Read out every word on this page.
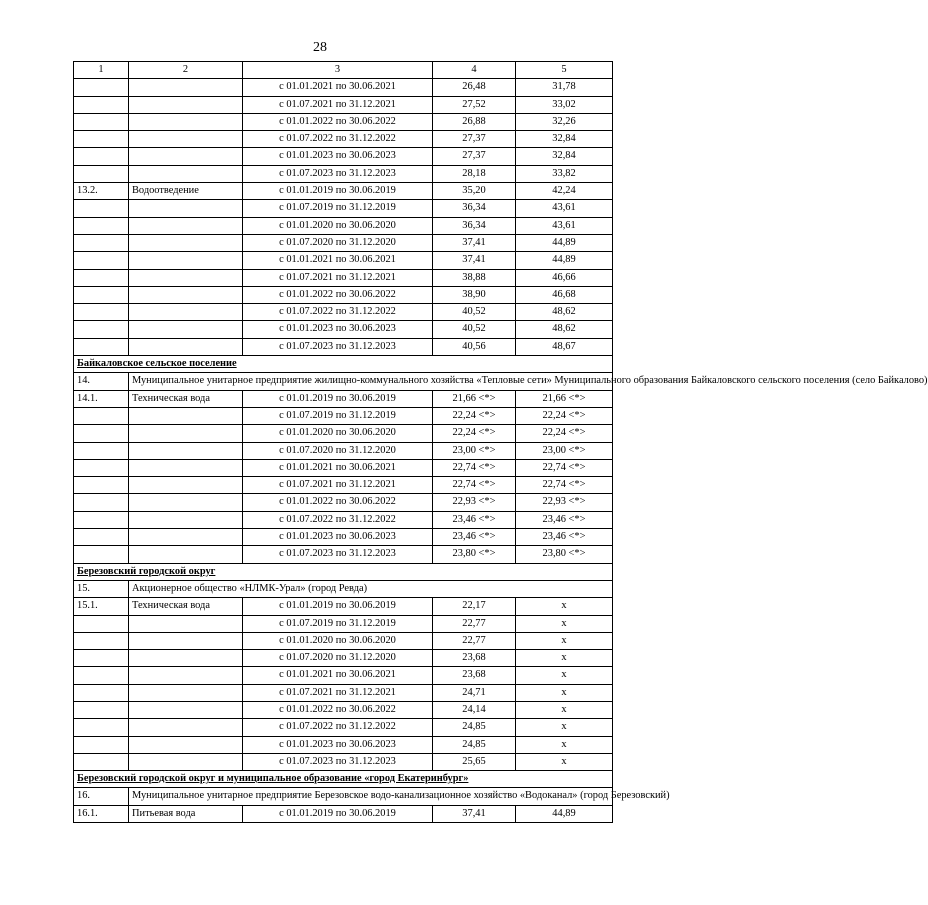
28
1	2	3	4	5
		с 01.01.2021 по 30.06.2021	26,48	31,78
		с 01.07.2021 по 31.12.2021	27,52	33,02
		с 01.01.2022 по 30.06.2022	26,88	32,26
		с 01.07.2022 по 31.12.2022	27,37	32,84
		с 01.01.2023 по 30.06.2023	27,37	32,84
		с 01.07.2023 по 31.12.2023	28,18	33,82
13.2.	Водоотведение	с 01.01.2019 по 30.06.2019	35,20	42,24
		с 01.07.2019 по 31.12.2019	36,34	43,61
		с 01.01.2020 по 30.06.2020	36,34	43,61
		с 01.07.2020 по 31.12.2020	37,41	44,89
		с 01.01.2021 по 30.06.2021	37,41	44,89
		с 01.07.2021 по 31.12.2021	38,88	46,66
		с 01.01.2022 по 30.06.2022	38,90	46,68
		с 01.07.2022 по 31.12.2022	40,52	48,62
		с 01.01.2023 по 30.06.2023	40,52	48,62
		с 01.07.2023 по 31.12.2023	40,56	48,67
Байкаловское сельское поселение				
14.	Муниципальное унитарное предприятие жилищно-коммунального хозяйства «Тепловые сети» Муниципального образования Байкаловского сельского поселения (село Байкалово)			
14.1.	Техническая вода	с 01.01.2019 по 30.06.2019	21,66 <*>	21,66 <*>
		с 01.07.2019 по 31.12.2019	22,24 <*>	22,24 <*>
		с 01.01.2020 по 30.06.2020	22,24 <*>	22,24 <*>
		с 01.07.2020 по 31.12.2020	23,00 <*>	23,00 <*>
		с 01.01.2021 по 30.06.2021	22,74 <*>	22,74 <*>
		с 01.07.2021 по 31.12.2021	22,74 <*>	22,74 <*>
		с 01.01.2022 по 30.06.2022	22,93 <*>	22,93 <*>
		с 01.07.2022 по 31.12.2022	23,46 <*>	23,46 <*>
		с 01.01.2023 по 30.06.2023	23,46 <*>	23,46 <*>
		с 01.07.2023 по 31.12.2023	23,80 <*>	23,80 <*>
Березовский городской округ				
15.	Акционерное общество «НЛМК-Урал» (город Ревда)			
15.1.	Техническая вода	с 01.01.2019 по 30.06.2019	22,17	x
		с 01.07.2019 по 31.12.2019	22,77	x
		с 01.01.2020 по 30.06.2020	22,77	x
		с 01.07.2020 по 31.12.2020	23,68	x
		с 01.01.2021 по 30.06.2021	23,68	x
		с 01.07.2021 по 31.12.2021	24,71	x
		с 01.01.2022 по 30.06.2022	24,14	x
		с 01.07.2022 по 31.12.2022	24,85	x
		с 01.01.2023 по 30.06.2023	24,85	x
		с 01.07.2023 по 31.12.2023	25,65	x
Березовский городской округ и муниципальное образование «город Екатеринбург»				
16.	Муниципальное унитарное предприятие Березовское водо-канализационное хозяйство «Водоканал» (город Березовский)			
16.1.	Питьевая вода	с 01.01.2019 по 30.06.2019	37,41	44,89
